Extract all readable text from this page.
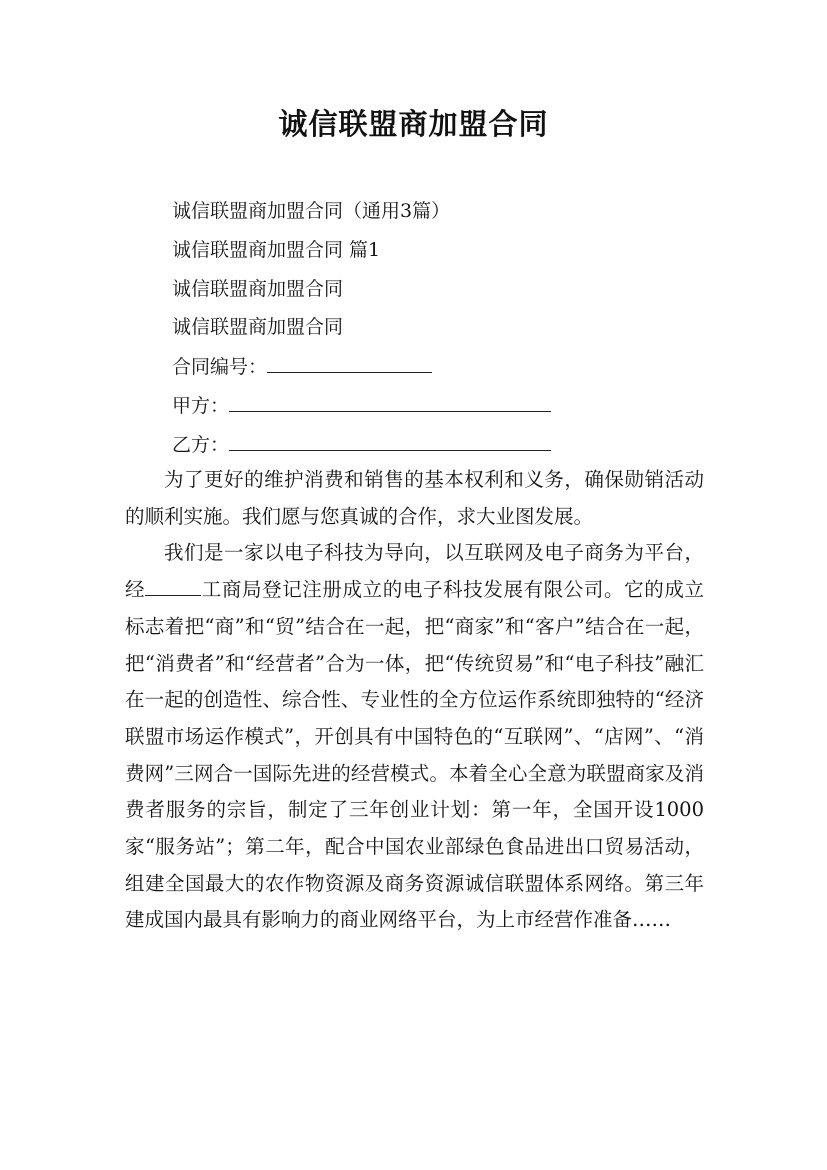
诚信联盟商加盟合同
诚信联盟商加盟合同（通用3篇）
诚信联盟商加盟合同 篇1
诚信联盟商加盟合同
诚信联盟商加盟合同
合同编号：
甲方：
乙方：

为了更好的维护消费和销售的基本权利和义务，确保勋销活动的顺利实施。我们愿与您真诚的合作，求大业图发展。

我们是一家以电子科技为导向，以互联网及电子商务为平台，经	工商局登记注册成立的电子科技发展有限公司。它的成立标志着把“商”和“贸”结合在一起，把“商家”和“客户”结合在一起，把“消费者”和“经营者”合为一体，把“传统贸易”和“电子科技”融汇在一起的创造性、综合性、专业性的全方位运作系统即独特的“经济联盟市场运作模式”，开创具有中国特色的“互联网”、“店网”、“消费网”三网合一国际先进的经营模式。本着全心全意为联盟商家及消费者服务的宗旨，制定了三年创业计划：第一年，全国开设1000家“服务站”；第二年，配合中国农业部绿色食品进出口贸易活动，组建全国最大的农作物资源及商务资源诚信联盟体系网络。第三年建成国内最具有影响力的商业网络平台，为上市经营作准备……
